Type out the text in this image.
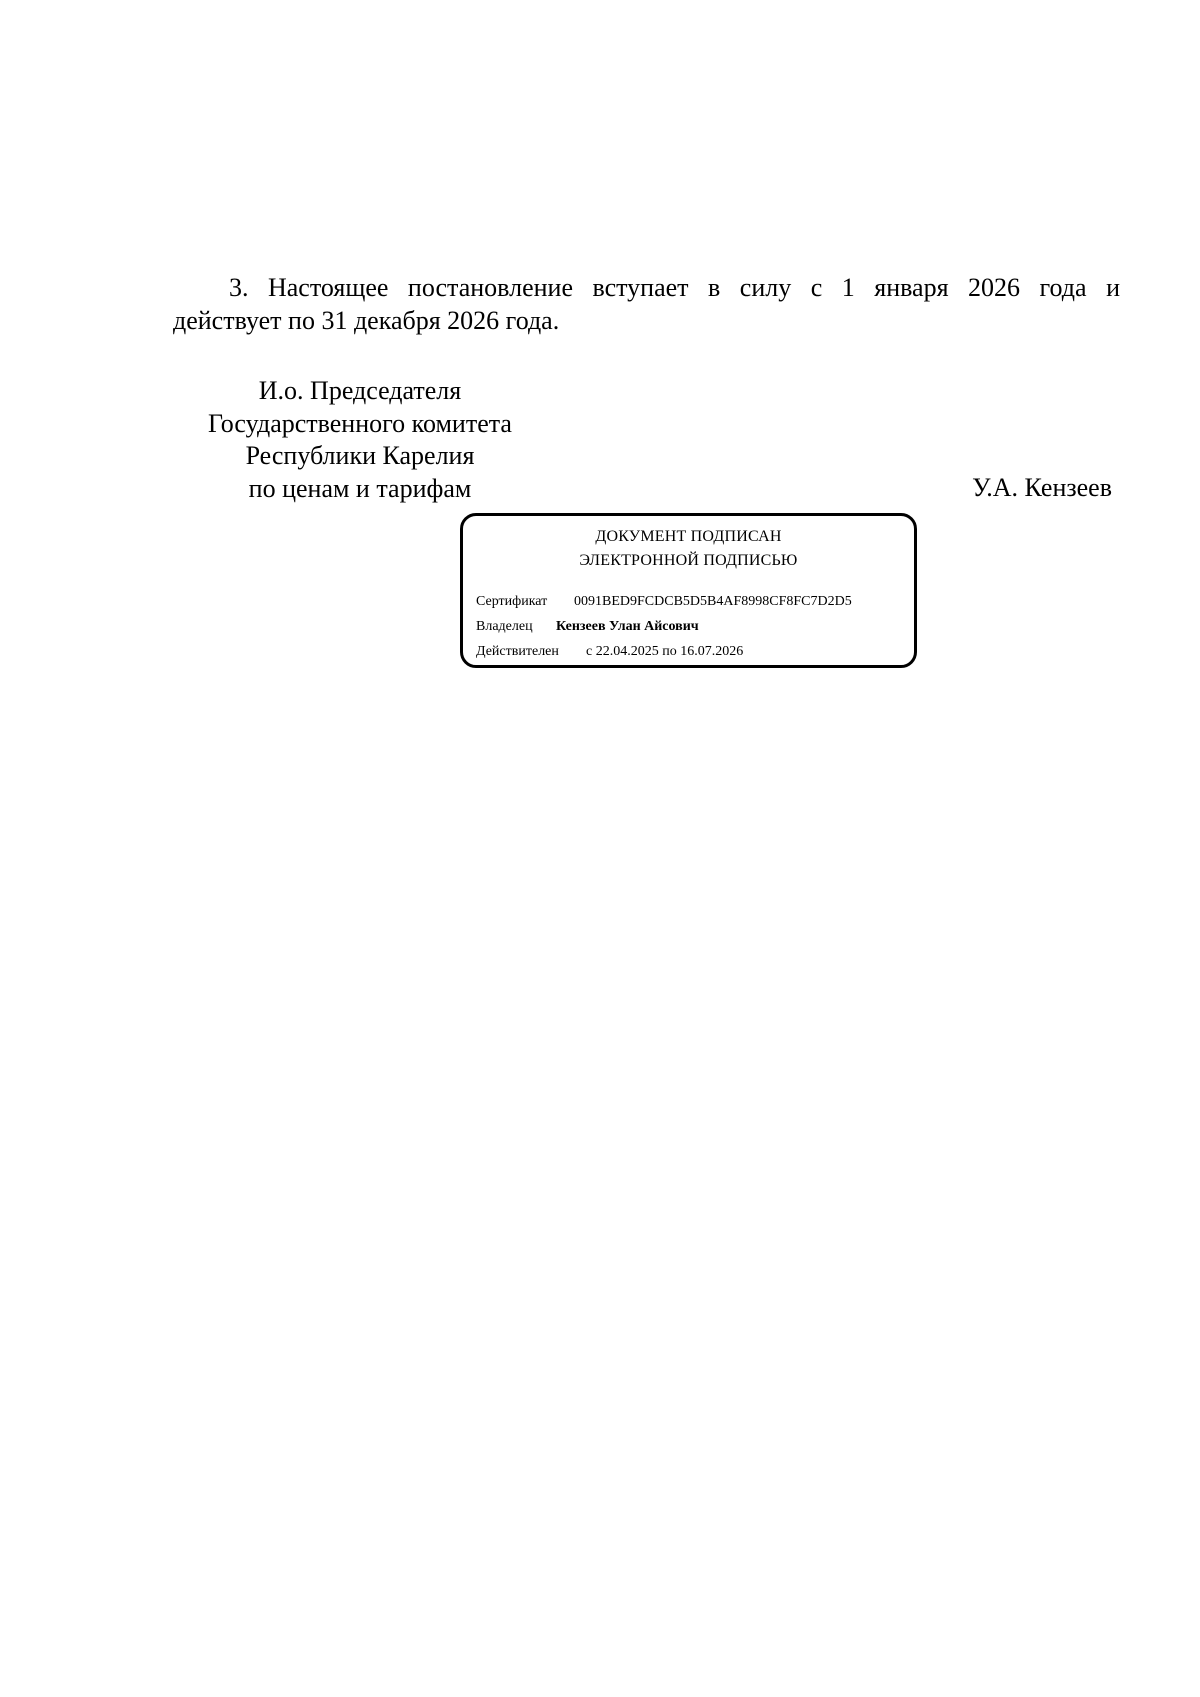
3. Настоящее постановление вступает в силу с 1 января 2026 года и
действует по 31 декабря 2026 года.
И.о. Председателя
Государственного комитета
Республики Карелия
по ценам и тарифам	У.А. Кензеев
ДОКУМЕНТ ПОДПИСАН
ЭЛЕКТРОННОЙ ПОДПИСЬЮ
Сертификат 0091BED9FCDCB5D5B4AF8998CF8FC7D2D5
Владелец Кензеев Улан Айсович
Действителен с 22.04.2025 по 16.07.2026
